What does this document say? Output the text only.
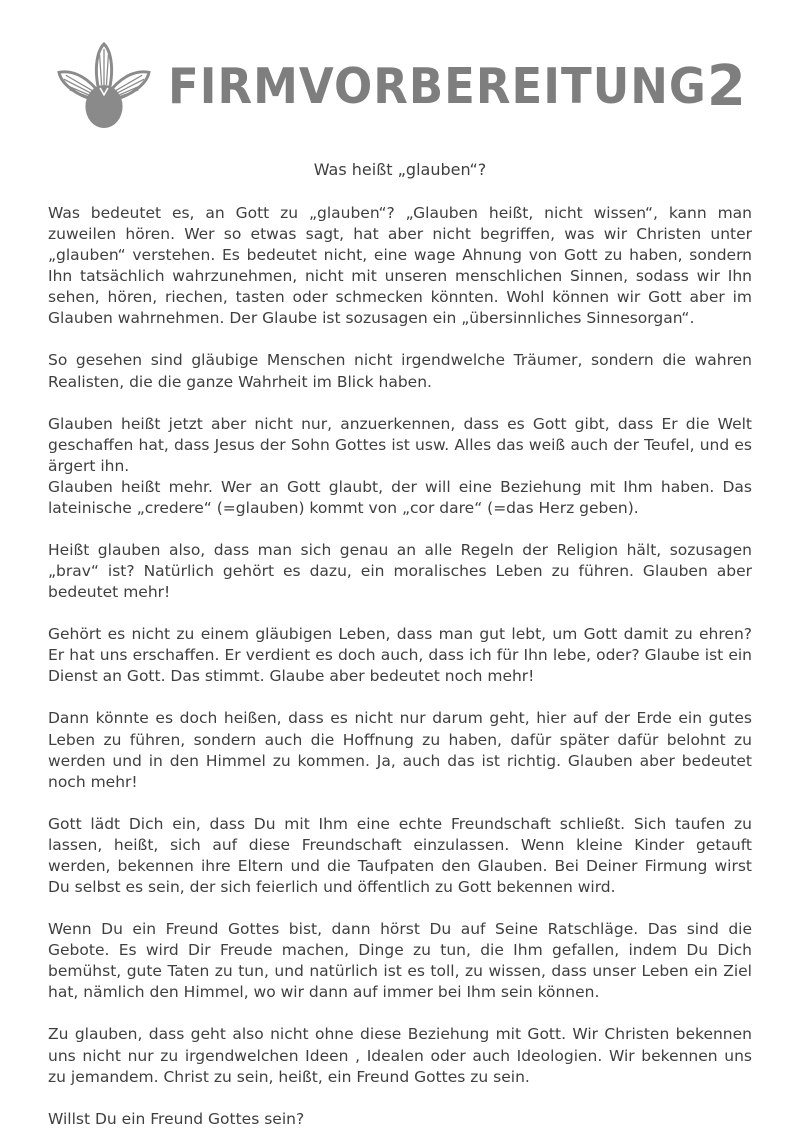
FIRMVORBEREITUNG 2
Was heißt „glauben“?

Was bedeutet es, an Gott zu „glauben“? „Glauben heißt, nicht wissen“, kann man zuweilen hören. Wer so etwas sagt, hat aber nicht begriffen, was wir Christen unter „glauben“ verstehen. Es bedeutet nicht, eine wage Ahnung von Gott zu haben, sondern Ihn tatsächlich wahrzunehmen, nicht mit unseren menschlichen Sinnen, sodass wir Ihn sehen, hören, riechen, tasten oder schmecken könnten. Wohl können wir Gott aber im Glauben wahrnehmen. Der Glaube ist sozusagen ein „übersinnliches Sinnesorgan“.

So gesehen sind gläubige Menschen nicht irgendwelche Träumer, sondern die wahren Realisten, die die ganze Wahrheit im Blick haben.

Glauben heißt jetzt aber nicht nur, anzuerkennen, dass es Gott gibt, dass Er die Welt geschaffen hat, dass Jesus der Sohn Gottes ist usw. Alles das weiß auch der Teufel, und es ärgert ihn.

Glauben heißt mehr. Wer an Gott glaubt, der will eine Beziehung mit Ihm haben. Das lateinische „credere“ (=glauben) kommt von „cor dare“ (=das Herz geben).

Heißt glauben also, dass man sich genau an alle Regeln der Religion hält, sozusagen „brav“ ist? Natürlich gehört es dazu, ein moralisches Leben zu führen. Glauben aber bedeutet mehr!

Gehört es nicht zu einem gläubigen Leben, dass man gut lebt, um Gott damit zu ehren? Er hat uns erschaffen. Er verdient es doch auch, dass ich für Ihn lebe, oder? Glaube ist ein Dienst an Gott. Das stimmt. Glaube aber bedeutet noch mehr!

Dann könnte es doch heißen, dass es nicht nur darum geht, hier auf der Erde ein gutes Leben zu führen, sondern auch die Hoffnung zu haben, dafür später dafür belohnt zu werden und in den Himmel zu kommen. Ja, auch das ist richtig. Glauben aber bedeutet noch mehr!

Gott lädt Dich ein, dass Du mit Ihm eine echte Freundschaft schließt. Sich taufen zu lassen, heißt, sich auf diese Freundschaft einzulassen. Wenn kleine Kinder getauft werden, bekennen ihre Eltern und die Taufpaten den Glauben. Bei Deiner Firmung wirst Du selbst es sein, der sich feierlich und öffentlich zu Gott bekennen wird.

Wenn Du ein Freund Gottes bist, dann hörst Du auf Seine Ratschläge. Das sind die Gebote. Es wird Dir Freude machen, Dinge zu tun, die Ihm gefallen, indem Du Dich bemühst, gute Taten zu tun, und natürlich ist es toll, zu wissen, dass unser Leben ein Ziel hat, nämlich den Himmel, wo wir dann auf immer bei Ihm sein können.

Zu glauben, dass geht also nicht ohne diese Beziehung mit Gott. Wir Christen bekennen uns nicht nur zu irgendwelchen Ideen , Idealen oder auch Ideologien. Wir bekennen uns zu jemandem. Christ zu sein, heißt, ein Freund Gottes zu sein.

Willst Du ein Freund Gottes sein?
